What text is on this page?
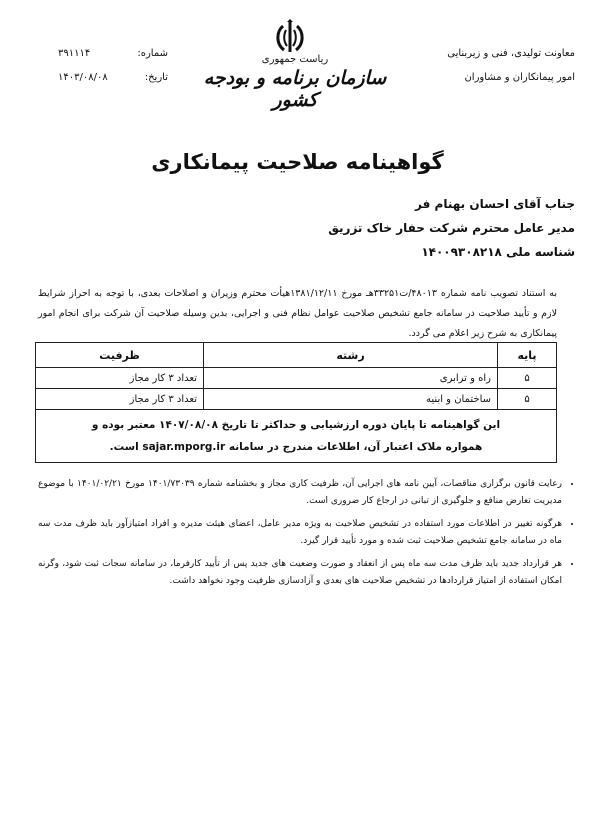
معاونت تولیدی، فنی و زیربنایی
امور پیمانکاران و مشاوران
شماره:
۳۹۱۱۱۴
تاریخ:
۱۴۰۳/۰۸/۰۸
ریاست جمهوری
سازمان برنامه و بودجه کشور
گواهینامه صلاحیت پیمانکاری
جناب آقای احسان بهنام فر
مدیر عامل محترم شرکت حفار خاک تزریق
شناسه ملی ۱۴۰۰۹۳۰۸۲۱۸
به استناد تصویب نامه شماره ۴۸۰۱۳/ت۳۳۲۵۱هـ مورخ ۱۳۸۱/۱۲/۱۱هیأت محترم وزیران و اصلاحات بعدی، با توجه به احراز شرایط لازم و تأیید صلاحیت در سامانه جامع تشخیص صلاحیت عوامل نظام فنی و اجرایی، بدین وسیله صلاحیت آن شرکت برای انجام امور پیمانکاری به شرح زیر اعلام می گردد.
پایه	رشته	ظرفیت
۵	راه و ترابری	تعداد ۳ کار مجاز
۵	ساختمان و ابنیه	تعداد ۳ کار مجاز

این گواهینامه تا پایان دوره ارزشیابی و حداکثر تا تاریخ ۱۴۰۷/۰۸/۰۸ معتبر بوده و
همواره ملاک اعتبار آن، اطلاعات مندرج در سامانه sajar.mporg.ir است.		
• رعایت قانون برگزاری مناقصات، آیین نامه های اجرایی آن، ظرفیت کاری مجاز و بخشنامه شماره ۱۴۰۱/۷۳۰۳۹ مورخ ۱۴۰۱/۰۲/۲۱ با موضوع مدیریت تعارض منافع و جلوگیری از تبانی در ارجاع کار ضروری است.
• هرگونه تغییر در اطلاعات مورد استفاده در تشخیص صلاحیت به ویژه مدیر عامل، اعضای هیئت مدیره و افراد امتیازآور باید ظرف مدت سه ماه در سامانه جامع تشخیص صلاحیت ثبت شده و مورد تأیید قرار گیرد.
• هر قرارداد جدید باید ظرف مدت سه ماه پس از انعقاد و صورت وضعیت های جدید پس از تأیید کارفرما، در سامانه سجات ثبت شود، وگرنه امکان استفاده از امتیاز قراردادها در تشخیص صلاحیت های بعدی و آزادسازی ظرفیت وجود نخواهد داشت.
